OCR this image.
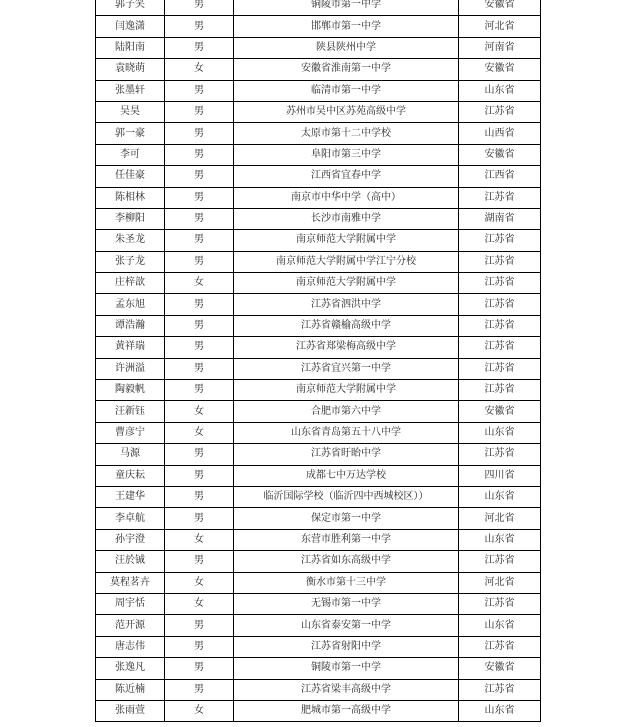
郭子笑	男	铜陵市第一中学	安徽省
闫逸潇	男	邯郸市第一中学	河北省
陆阳南	男	陕县陕州中学	河南省
袁晓萌	女	安徽省淮南第一中学	安徽省
张墨轩	男	临清市第一中学	山东省
吴昊	男	苏州市吴中区苏苑高级中学	江苏省
郭一豪	男	太原市第十二中学校	山西省
李可	男	阜阳市第三中学	安徽省
任佳豪	男	江西省宜春中学	江西省
陈相林	男	南京市中华中学（高中）	江苏省
李柳阳	男	长沙市南雅中学	湖南省
朱圣龙	男	南京师范大学附属中学	江苏省
张子龙	男	南京师范大学附属中学江宁分校	江苏省
庄梓歆	女	南京师范大学附属中学	江苏省
孟东旭	男	江苏省泗洪中学	江苏省
谭浩瀚	男	江苏省赣榆高级中学	江苏省
黄祥瑞	男	江苏省郑梁梅高级中学	江苏省
许洲溢	男	江苏省宜兴第一中学	江苏省
陶毅帆	男	南京师范大学附属中学	江苏省
汪新钰	女	合肥市第六中学	安徽省
曹彦宁	女	山东省青岛第五十八中学	山东省
马源	男	江苏省盱眙中学	江苏省
童庆耘	男	成都七中万达学校	四川省
王建华	男	临沂国际学校（临沂四中西城校区））	山东省
李卓航	男	保定市第一中学	河北省
孙宇澄	女	东营市胜利第一中学	山东省
汪於铖	男	江苏省如东高级中学	江苏省
莫程茗卉	女	衡水市第十三中学	河北省
周宇恬	女	无锡市第一中学	江苏省
范开源	男	山东省泰安第一中学	山东省
唐志伟	男	江苏省射阳中学	江苏省
张逸凡	男	铜陵市第一中学	安徽省
陈近楠	男	江苏省梁丰高级中学	江苏省
张雨萱	女	肥城市第一高级中学	山东省
